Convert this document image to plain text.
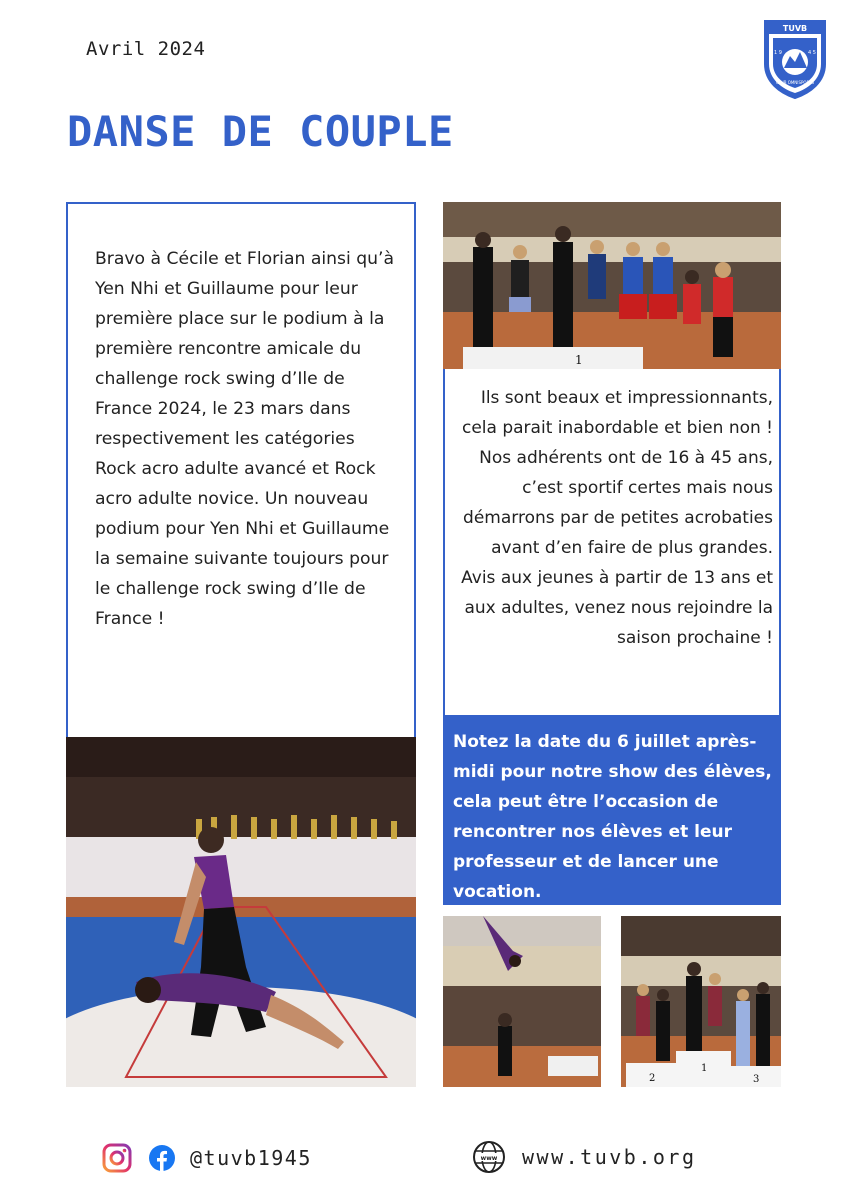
Avril 2024
DANSE DE COUPLE
TUVB
1 9	4 5
CLUB OMNISPORTS

Bravo à Cécile et Florian ainsi qu’à Yen Nhi et Guillaume pour leur première place sur le podium à la première rencontre amicale du challenge rock swing d’Ile de France 2024, le 23 mars dans respectivement les catégories Rock acro adulte avancé et Rock acro adulte novice. Un nouveau podium pour Yen Nhi et Guillaume la semaine suivante toujours pour le challenge rock swing d’Ile de France !

1

Ils sont beaux et impressionnants, cela parait inabordable et bien non ! Nos adhérents ont de 16 à 45 ans, c’est sportif certes mais nous démarrons par de petites acrobaties avant d’en faire de plus grandes. Avis aux jeunes à partir de 13 ans et aux adultes, venez nous rejoindre la saison prochaine !

Notez la date du 6 juillet après-midi pour notre show des élèves, cela peut être l’occasion de rencontrer nos élèves et leur professeur et de lancer une vocation.

2
1
3
@tuvb1945	www www.tuvb.org
